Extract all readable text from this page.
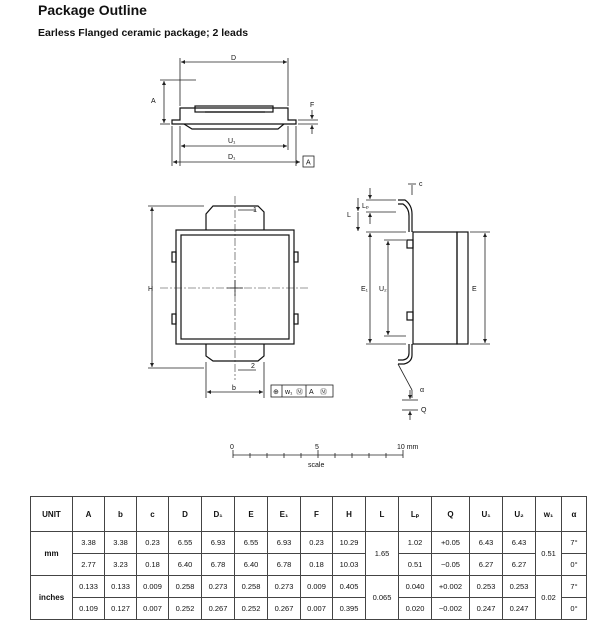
Package Outline
Earless Flanged ceramic package; 2 leads
D
A
F
U₁
D₁
A
1
2
H
b
⊕ w₁ Ⓜ A Ⓜ
c
Lₚ
L
E₁ U₂	E
α
Q
0	5	10 mm
scale
UNIT	A	b	c	D	D₁	E	E₁	F	H	L	Lₚ	Q	U₁	U₂	w₁	α
mm	3.38	3.38	0.23	6.55	6.93	6.55	6.93	0.23	10.29	1.65	1.02	+0.05	6.43	6.43	0.51	7°
	2.77	3.23	0.18	6.40	6.78	6.40	6.78	0.18	10.03		0.51	−0.05	6.27	6.27		0°
inches	0.133	0.133	0.009	0.258	0.273	0.258	0.273	0.009	0.405	0.065	0.040	+0.002	0.253	0.253	0.02	7°
	0.109	0.127	0.007	0.252	0.267	0.252	0.267	0.007	0.395		0.020	−0.002	0.247	0.247		0°
